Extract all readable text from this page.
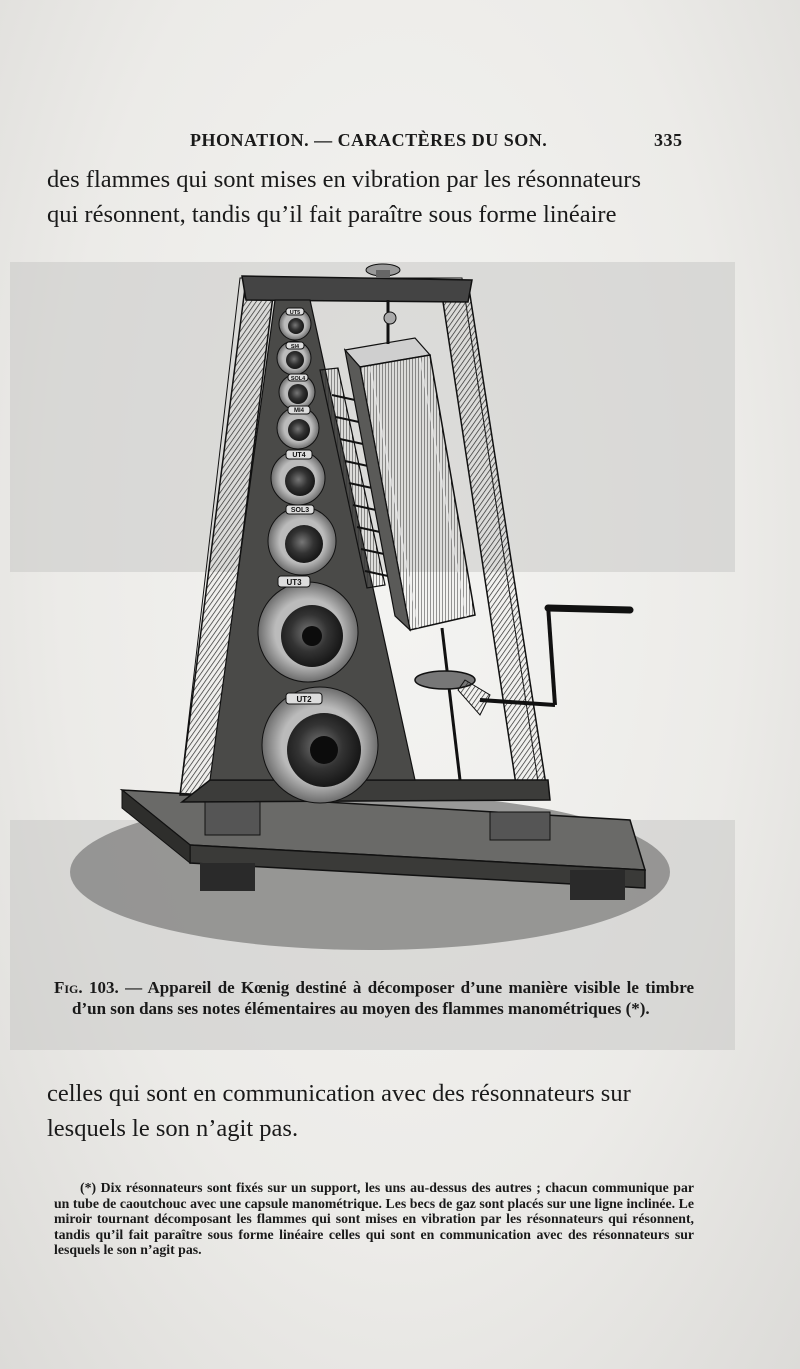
PHONATION. — CARACTÈRES DU SON.	335
des flammes qui sont mises en vibration par les résonnateurs
qui résonnent, tandis qu’il fait paraître sous forme linéaire
UT2
UT3
SOL3
UT4
MI4
SOL4
SI4
UT5
Fig. 103. — Appareil de Kœnig destiné à décomposer d’une manière visible le timbre d’un son dans ses notes élémentaires au moyen des flammes manométriques (*).
celles qui sont en communication avec des résonnateurs sur
lesquels le son n’agit pas.
(*) Dix résonnateurs sont fixés sur un support, les uns au-dessus des autres ; chacun communique par un tube de caoutchouc avec une capsule manométrique. Les becs de gaz sont placés sur une ligne inclinée. Le miroir tournant décomposant les flammes qui sont mises en vibration par les résonnateurs qui résonnent, tandis qu’il fait paraître sous forme linéaire celles qui sont en communication avec des résonnateurs sur lesquels le son n’agit pas.
